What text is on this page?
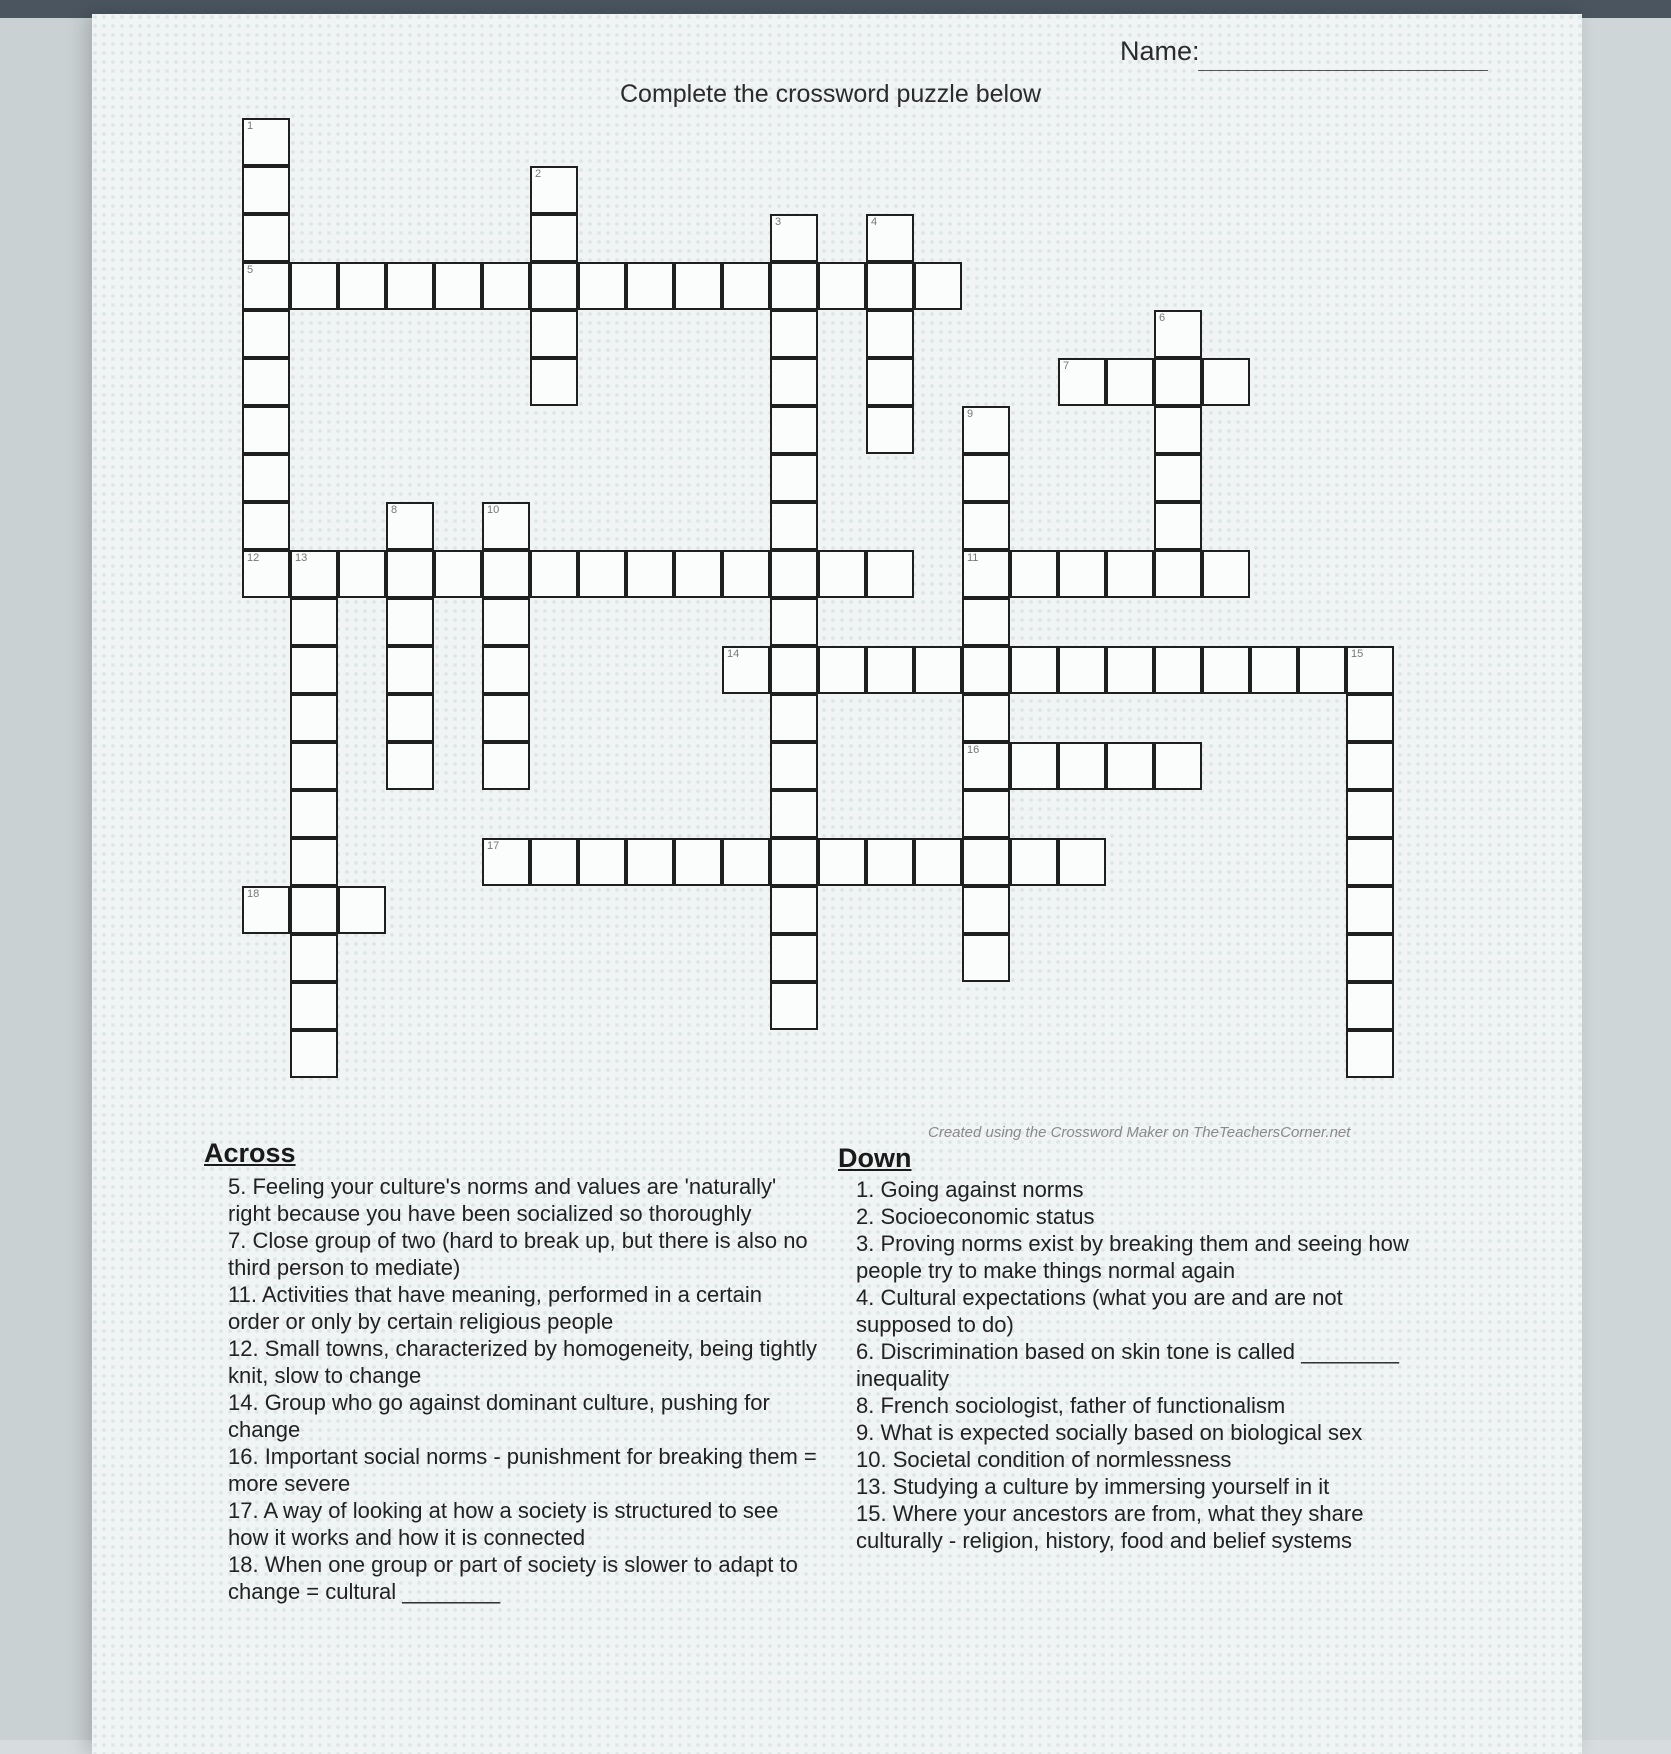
Name:
Complete the crossword puzzle below
1
5
2
3	4
6
7
8
9
11
16
10
12	13
14	15
17
18
Created using the Crossword Maker on TheTeachersCorner.net
Across
5. Feeling your culture's norms and values are 'naturally' right because you have been socialized so thoroughly
7. Close group of two (hard to break up, but there is also no third person to mediate)
11. Activities that have meaning, performed in a certain order or only by certain religious people
12. Small towns, characterized by homogeneity, being tightly knit, slow to change
14. Group who go against dominant culture, pushing for change
16. Important social norms - punishment for breaking them = more severe
17. A way of looking at how a society is structured to see how it works and how it is connected
18. When one group or part of society is slower to adapt to change = cultural ________
Down
1. Going against norms
2. Socioeconomic status
3. Proving norms exist by breaking them and seeing how people try to make things normal again
4. Cultural expectations (what you are and are not supposed to do)
6. Discrimination based on skin tone is called ________ inequality
8. French sociologist, father of functionalism
9. What is expected socially based on biological sex
10. Societal condition of normlessness
13. Studying a culture by immersing yourself in it
15. Where your ancestors are from, what they share culturally - religion, history, food and belief systems
